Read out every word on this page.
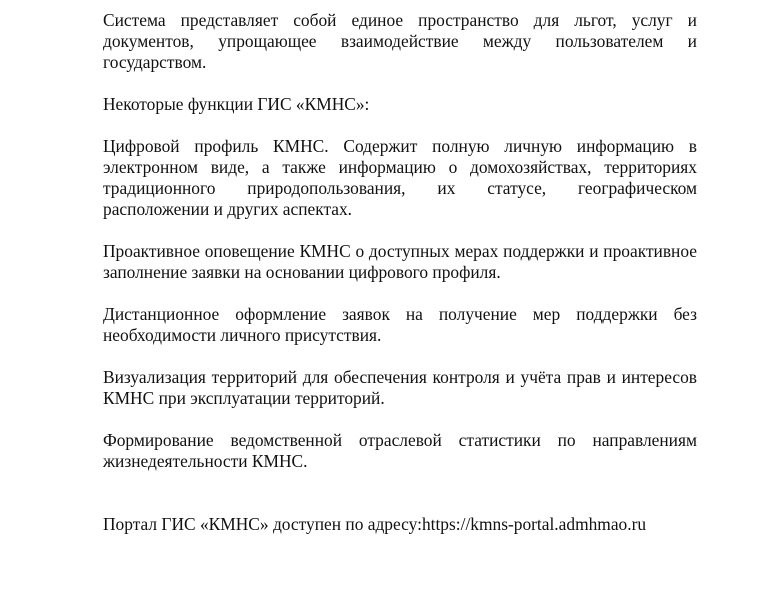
Система представляет собой единое пространство для льгот, услуг и документов, упрощающее взаимодействие между пользователем и государством.

Некоторые функции ГИС «КМНС»:

Цифровой профиль КМНС. Содержит полную личную информацию в электронном виде, а также информацию о домохозяйствах, территориях традиционного природопользования, их статусе, географическом расположении и других аспектах.

Проактивное оповещение КМНС о доступных мерах поддержки и проактивное заполнение заявки на основании цифрового профиля.

Дистанционное оформление заявок на получение мер поддержки без необходимости личного присутствия.

Визуализация территорий для обеспечения контроля и учёта прав и интересов КМНС при эксплуатации территорий.

Формирование ведомственной отраслевой статистики по направлениям жизнедеятельности КМНС.

Портал ГИС «КМНС» доступен по адресу:https://kmns-portal.admhmao.ru
